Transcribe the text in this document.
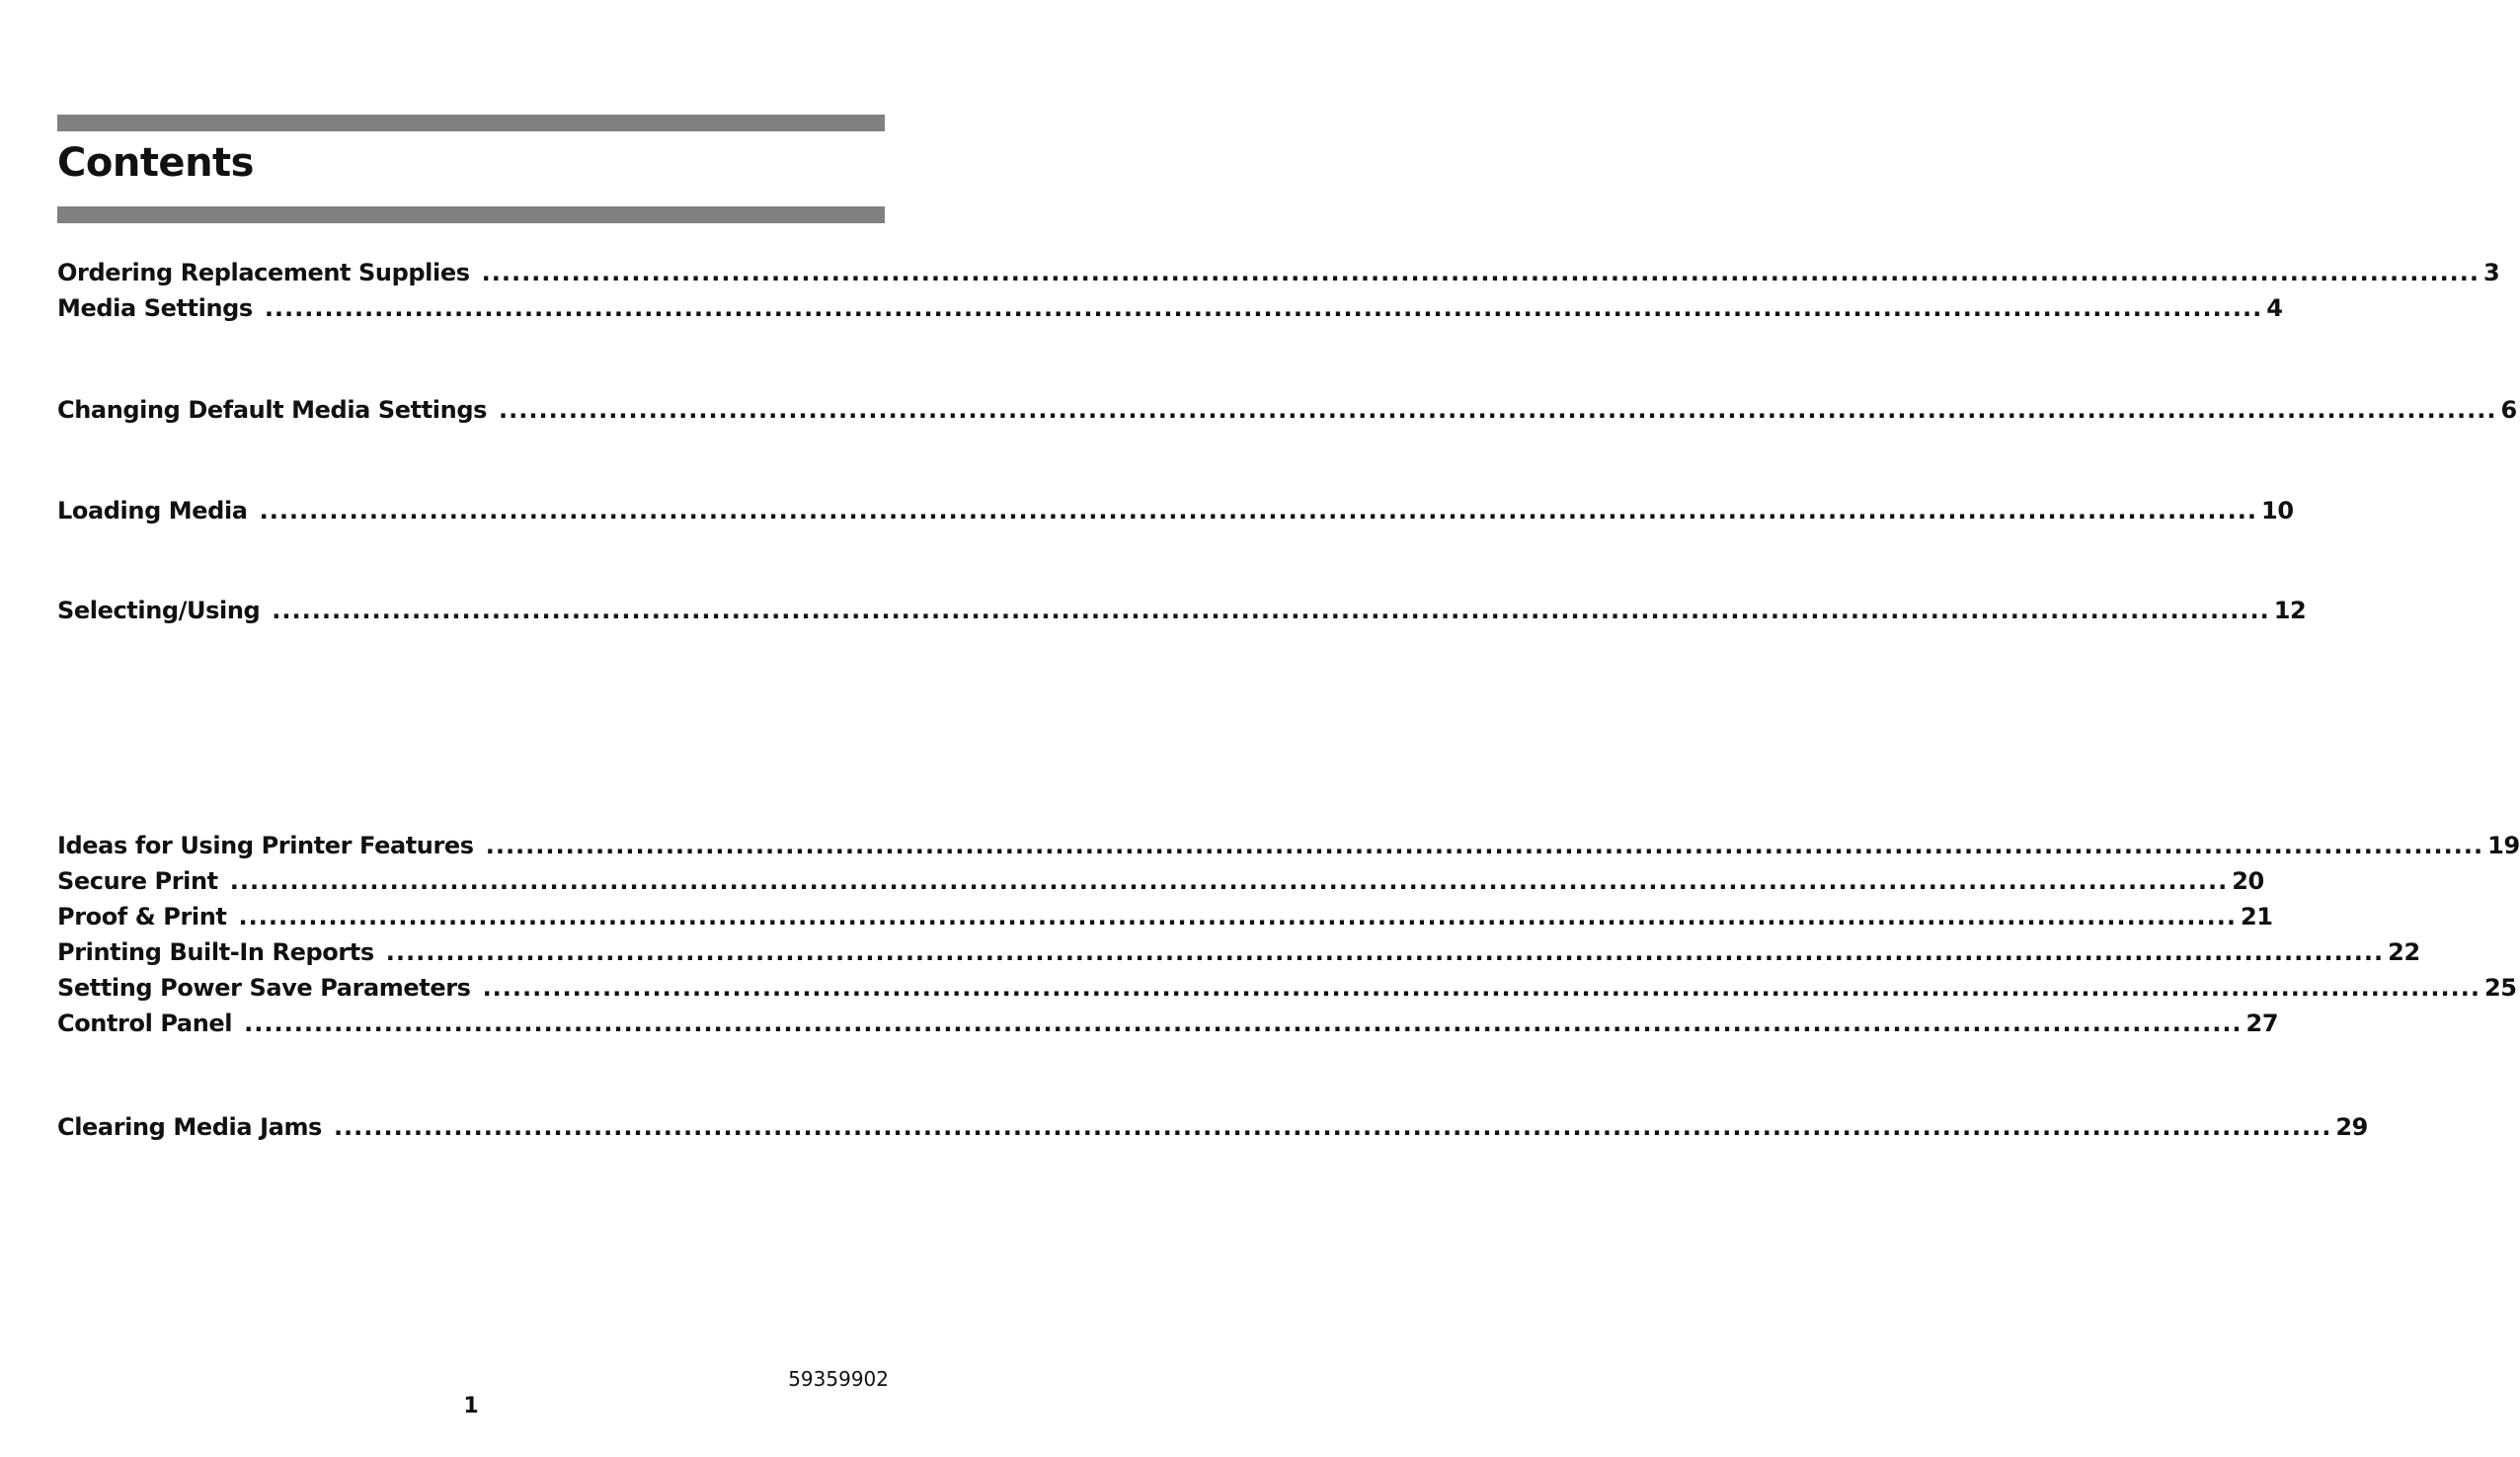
Contents
Ordering Replacement Supplies ........................................................................................................................................................................................................ 3
Media Settings ........................................................................................................................................................................................................ 4
Changing Default Media Settings ........................................................................................................................................................................................................ 6
Loading Media ........................................................................................................................................................................................................ 10
Selecting/Using ........................................................................................................................................................................................................ 12
Ideas for Using Printer Features ........................................................................................................................................................................................................ 19
Secure Print ........................................................................................................................................................................................................ 20
Proof & Print ........................................................................................................................................................................................................ 21
Printing Built-In Reports ........................................................................................................................................................................................................ 22
Setting Power Save Parameters ........................................................................................................................................................................................................ 25
Control Panel ........................................................................................................................................................................................................ 27
Clearing Media Jams ........................................................................................................................................................................................................ 29
59359902
1
